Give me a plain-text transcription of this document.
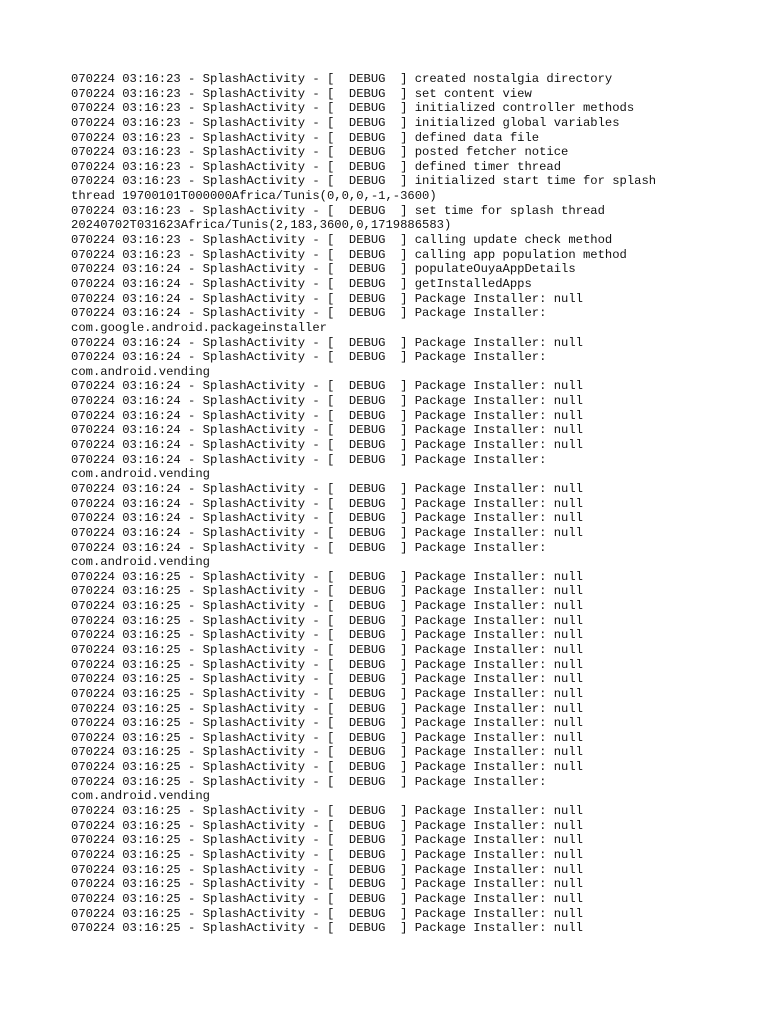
070224 03:16:23 - SplashActivity - [  DEBUG  ] created nostalgia directory
070224 03:16:23 - SplashActivity - [  DEBUG  ] set content view
070224 03:16:23 - SplashActivity - [  DEBUG  ] initialized controller methods
070224 03:16:23 - SplashActivity - [  DEBUG  ] initialized global variables
070224 03:16:23 - SplashActivity - [  DEBUG  ] defined data file
070224 03:16:23 - SplashActivity - [  DEBUG  ] posted fetcher notice
070224 03:16:23 - SplashActivity - [  DEBUG  ] defined timer thread
070224 03:16:23 - SplashActivity - [  DEBUG  ] initialized start time for splash
thread 19700101T000000Africa/Tunis(0,0,0,-1,-3600)
070224 03:16:23 - SplashActivity - [  DEBUG  ] set time for splash thread
20240702T031623Africa/Tunis(2,183,3600,0,1719886583)
070224 03:16:23 - SplashActivity - [  DEBUG  ] calling update check method
070224 03:16:23 - SplashActivity - [  DEBUG  ] calling app population method
070224 03:16:24 - SplashActivity - [  DEBUG  ] populateOuyaAppDetails
070224 03:16:24 - SplashActivity - [  DEBUG  ] getInstalledApps
070224 03:16:24 - SplashActivity - [  DEBUG  ] Package Installer: null
070224 03:16:24 - SplashActivity - [  DEBUG  ] Package Installer:
com.google.android.packageinstaller
070224 03:16:24 - SplashActivity - [  DEBUG  ] Package Installer: null
070224 03:16:24 - SplashActivity - [  DEBUG  ] Package Installer:
com.android.vending
070224 03:16:24 - SplashActivity - [  DEBUG  ] Package Installer: null
070224 03:16:24 - SplashActivity - [  DEBUG  ] Package Installer: null
070224 03:16:24 - SplashActivity - [  DEBUG  ] Package Installer: null
070224 03:16:24 - SplashActivity - [  DEBUG  ] Package Installer: null
070224 03:16:24 - SplashActivity - [  DEBUG  ] Package Installer: null
070224 03:16:24 - SplashActivity - [  DEBUG  ] Package Installer:
com.android.vending
070224 03:16:24 - SplashActivity - [  DEBUG  ] Package Installer: null
070224 03:16:24 - SplashActivity - [  DEBUG  ] Package Installer: null
070224 03:16:24 - SplashActivity - [  DEBUG  ] Package Installer: null
070224 03:16:24 - SplashActivity - [  DEBUG  ] Package Installer: null
070224 03:16:24 - SplashActivity - [  DEBUG  ] Package Installer:
com.android.vending
070224 03:16:25 - SplashActivity - [  DEBUG  ] Package Installer: null
070224 03:16:25 - SplashActivity - [  DEBUG  ] Package Installer: null
070224 03:16:25 - SplashActivity - [  DEBUG  ] Package Installer: null
070224 03:16:25 - SplashActivity - [  DEBUG  ] Package Installer: null
070224 03:16:25 - SplashActivity - [  DEBUG  ] Package Installer: null
070224 03:16:25 - SplashActivity - [  DEBUG  ] Package Installer: null
070224 03:16:25 - SplashActivity - [  DEBUG  ] Package Installer: null
070224 03:16:25 - SplashActivity - [  DEBUG  ] Package Installer: null
070224 03:16:25 - SplashActivity - [  DEBUG  ] Package Installer: null
070224 03:16:25 - SplashActivity - [  DEBUG  ] Package Installer: null
070224 03:16:25 - SplashActivity - [  DEBUG  ] Package Installer: null
070224 03:16:25 - SplashActivity - [  DEBUG  ] Package Installer: null
070224 03:16:25 - SplashActivity - [  DEBUG  ] Package Installer: null
070224 03:16:25 - SplashActivity - [  DEBUG  ] Package Installer: null
070224 03:16:25 - SplashActivity - [  DEBUG  ] Package Installer:
com.android.vending
070224 03:16:25 - SplashActivity - [  DEBUG  ] Package Installer: null
070224 03:16:25 - SplashActivity - [  DEBUG  ] Package Installer: null
070224 03:16:25 - SplashActivity - [  DEBUG  ] Package Installer: null
070224 03:16:25 - SplashActivity - [  DEBUG  ] Package Installer: null
070224 03:16:25 - SplashActivity - [  DEBUG  ] Package Installer: null
070224 03:16:25 - SplashActivity - [  DEBUG  ] Package Installer: null
070224 03:16:25 - SplashActivity - [  DEBUG  ] Package Installer: null
070224 03:16:25 - SplashActivity - [  DEBUG  ] Package Installer: null
070224 03:16:25 - SplashActivity - [  DEBUG  ] Package Installer: null
